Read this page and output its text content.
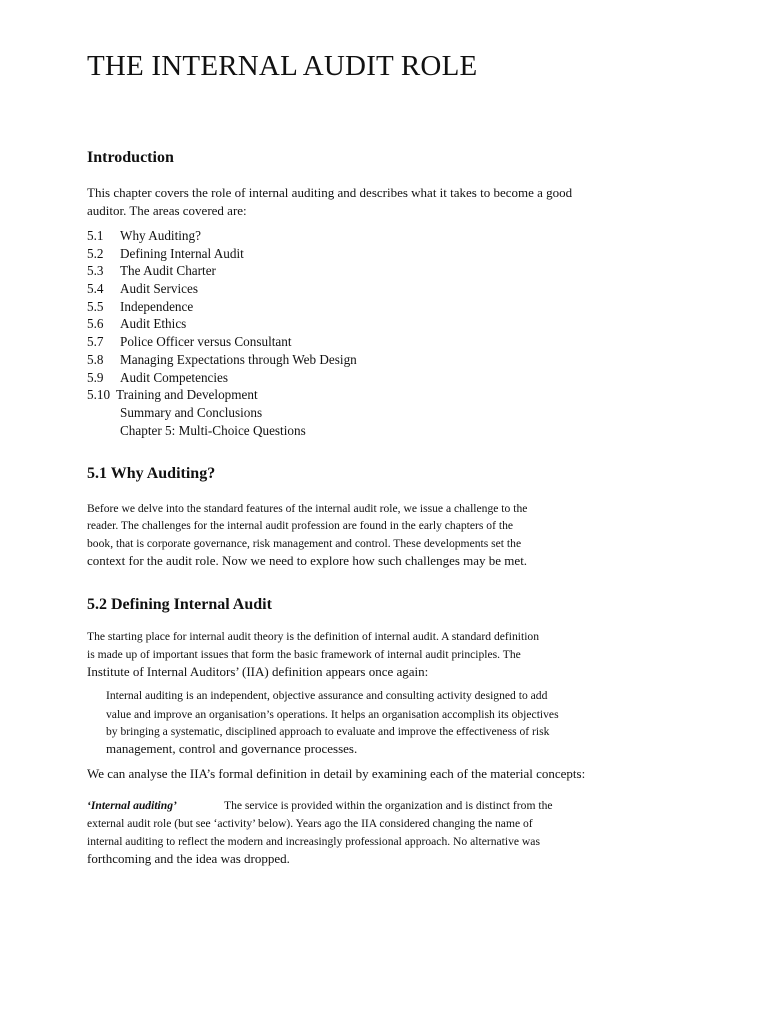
THE INTERNAL AUDIT ROLE
Introduction

This chapter covers the role of internal auditing and describes what it takes to become a good

auditor. The areas covered are:

5.1 Why Auditing?
5.2 Defining Internal Audit
5.3 The Audit Charter
5.4 Audit Services
5.5 Independence
5.6 Audit Ethics
5.7 Police Officer versus Consultant
5.8 Managing Expectations through Web Design
5.9 Audit Competencies
5.10 Training and Development
Summary and Conclusions
Chapter 5: Multi-Choice Questions
5.1 Why Auditing?

Before we delve into the standard features of the internal audit role, we issue a challenge to the

reader. The challenges for the internal audit profession are found in the early chapters of the

book, that is corporate governance, risk management and control. These developments set the

context for the audit role. Now we need to explore how such challenges may be met.

5.2 Defining Internal Audit

The starting place for internal audit theory is the definition of internal audit. A standard definition

is made up of important issues that form the basic framework of internal audit principles. The

Institute of Internal Auditors’ (IIA) definition appears once again:

Internal auditing is an independent, objective assurance and consulting activity designed to add

value and improve an organisation’s operations. It helps an organisation accomplish its objectives

by bringing a systematic, disciplined approach to evaluate and improve the effectiveness of risk

management, control and governance processes.

We can analyse the IIA’s formal definition in detail by examining each of the material concepts:

‘Internal auditing’	The service is provided within the organization and is distinct from the

external audit role (but see ‘activity’ below). Years ago the IIA considered changing the name of

internal auditing to reflect the modern and increasingly professional approach. No alternative was

forthcoming and the idea was dropped.
